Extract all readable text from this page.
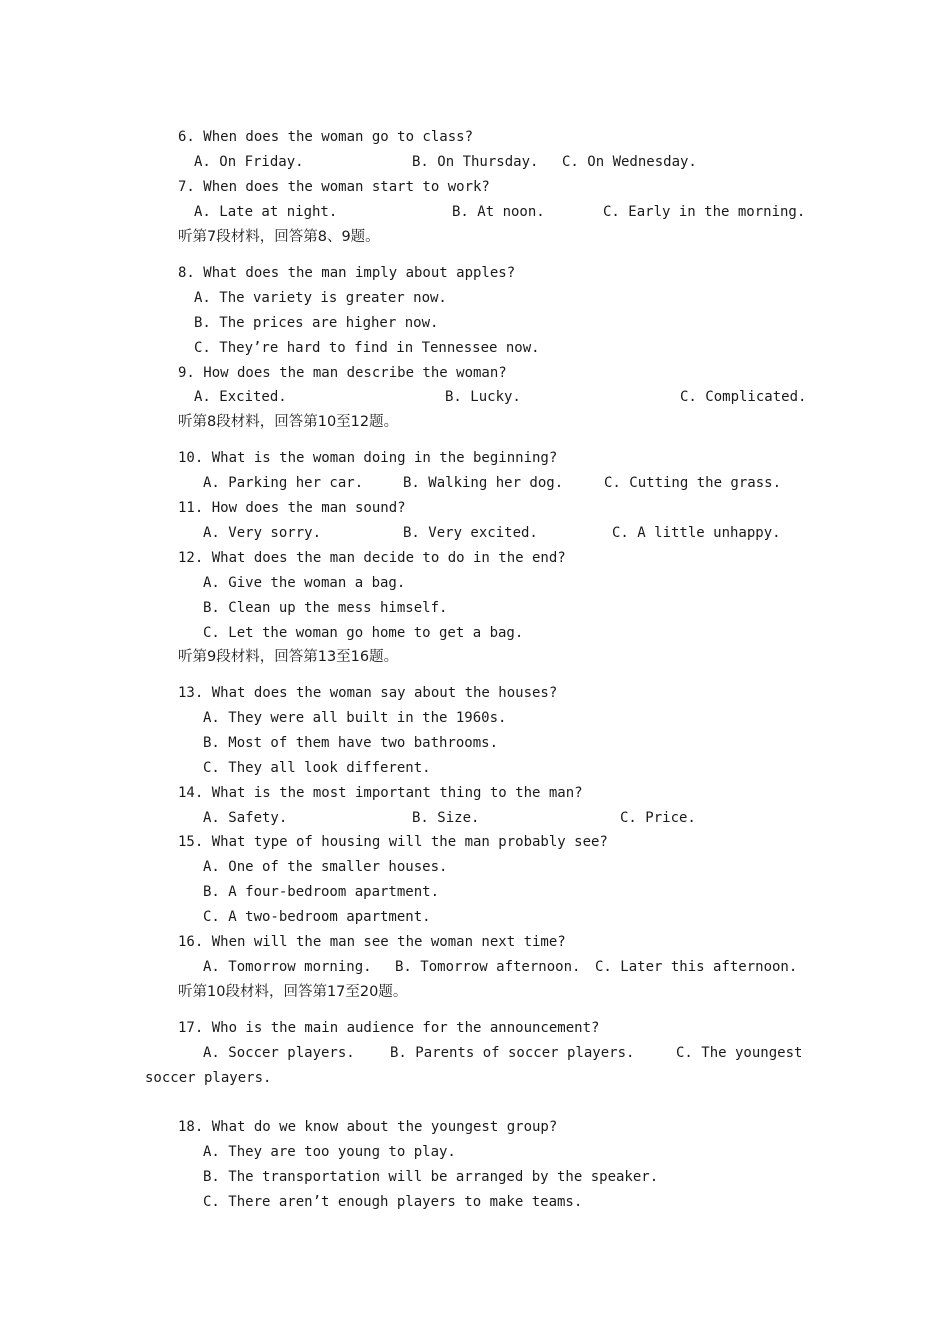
6. When does the woman go to class?
A. On Friday.	B. On Thursday. C. On Wednesday.
7. When does the woman start to work?
A. Late at night.	B. At noon.	C. Early in the morning.
听第7段材料，回答第8、9题。
8. What does the man imply about apples?
A. The variety is greater now.
B. The prices are higher now.
C. They’re hard to find in Tennessee now.
9. How does the man describe the woman?
A. Excited.	B. Lucky.	C. Complicated.
听第8段材料，回答第10至12题。
10. What is the woman doing in the beginning?
A. Parking her car.	B. Walking her dog.	C. Cutting the grass.
11. How does the man sound?
A. Very sorry.	B. Very excited.	C. A little unhappy.
12. What does the man decide to do in the end?
A. Give the woman a bag.
B. Clean up the mess himself.
C. Let the woman go home to get a bag.
听第9段材料，回答第13至16题。
13. What does the woman say about the houses?
A. They were all built in the 1960s.
B. Most of them have two bathrooms.
C. They all look different.
14. What is the most important thing to the man?
A. Safety.	B. Size.	C. Price.
15. What type of housing will the man probably see?
A. One of the smaller houses.
B. A four-bedroom apartment.
C. A two-bedroom apartment.
16. When will the man see the woman next time?
A. Tomorrow morning. B. Tomorrow afternoon. C. Later this afternoon.
听第10段材料，回答第17至20题。
17. Who is the main audience for the announcement?
A. Soccer players.	B. Parents of soccer players.	C. The youngest
soccer players.
18. What do we know about the youngest group?
A. They are too young to play.
B. The transportation will be arranged by the speaker.
C. There aren’t enough players to make teams.
